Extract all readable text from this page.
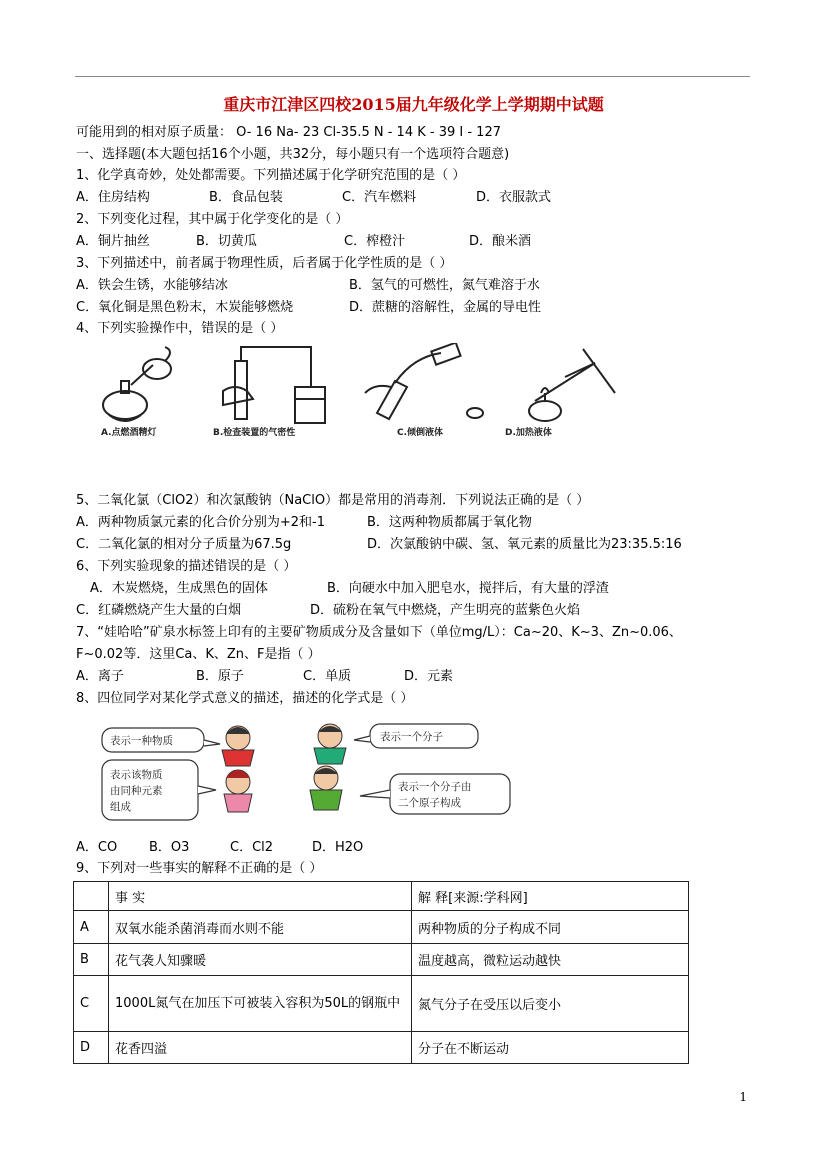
重庆市江津区四校2015届九年级化学上学期期中试题
可能用到的相对原子质量： O- 16 Na- 23 Cl-35.5 N - 14 K - 39 I - 127
一、选择题(本大题包括16个小题，共32分，每小题只有一个选项符合题意)
1、化学真奇妙，处处都需要。下列描述属于化学研究范围的是（ ）
A．住房结构	B．食品包装	C．汽车燃料	D．衣服款式
2、下列变化过程，其中属于化学变化的是（ ）
A．铜片抽丝	B．切黄瓜	C．榨橙汁	D．酿米酒
3、下列描述中，前者属于物理性质，后者属于化学性质的是（ ）
A．铁会生锈，水能够结冰	B．氢气的可燃性，氮气难溶于水
C．氧化铜是黑色粉末，木炭能够燃烧	D．蔗糖的溶解性，金属的导电性
4、下列实验操作中，错误的是（ ）
A.点燃酒精灯	B.检查装置的气密性	C.倾倒液体	D.加热液体
5、二氧化氯（ClO2）和次氯酸钠（NaClO）都是常用的消毒剂．下列说法正确的是（ ）
A．两种物质氯元素的化合价分别为+2和-1	B．这两种物质都属于氧化物
C．二氧化氯的相对分子质量为67.5g	D．次氯酸钠中碳、氢、氧元素的质量比为23:35.5:16
6、下列实验现象的描述错误的是（ ）
A．木炭燃烧，生成黑色的固体	B．向硬水中加入肥皂水，搅拌后，有大量的浮渣
C．红磷燃烧产生大量的白烟	D．硫粉在氧气中燃烧，产生明亮的蓝紫色火焰
7、“娃哈哈”矿泉水标签上印有的主要矿物质成分及含量如下（单位mg/L）：Ca~20、K~3、Zn~0.06、
F~0.02等．这里Ca、K、Zn、F是指（ ）
A．离子	B．原子	C．单质	D．元素
8、四位同学对某化学式意义的描述，描述的化学式是（ ）
表示一种物质	表示一个分子
表示该物质
由同种元素
组成
表示一个分子由
二个原子构成
A．CO B．O3	C．Cl2	D．H2O
9、下列对一些事实的解释不正确的是（ ）
	事 实	解 释[来源:学科网]
A	双氧水能杀菌消毒而水则不能	两种物质的分子构成不同
B	花气袭人知骤暖	温度越高，微粒运动越快
C	1000L氮气在加压下可被装入容积为50L的钢瓶中	氮气分子在受压以后变小
D	花香四溢	分子在不断运动
1
